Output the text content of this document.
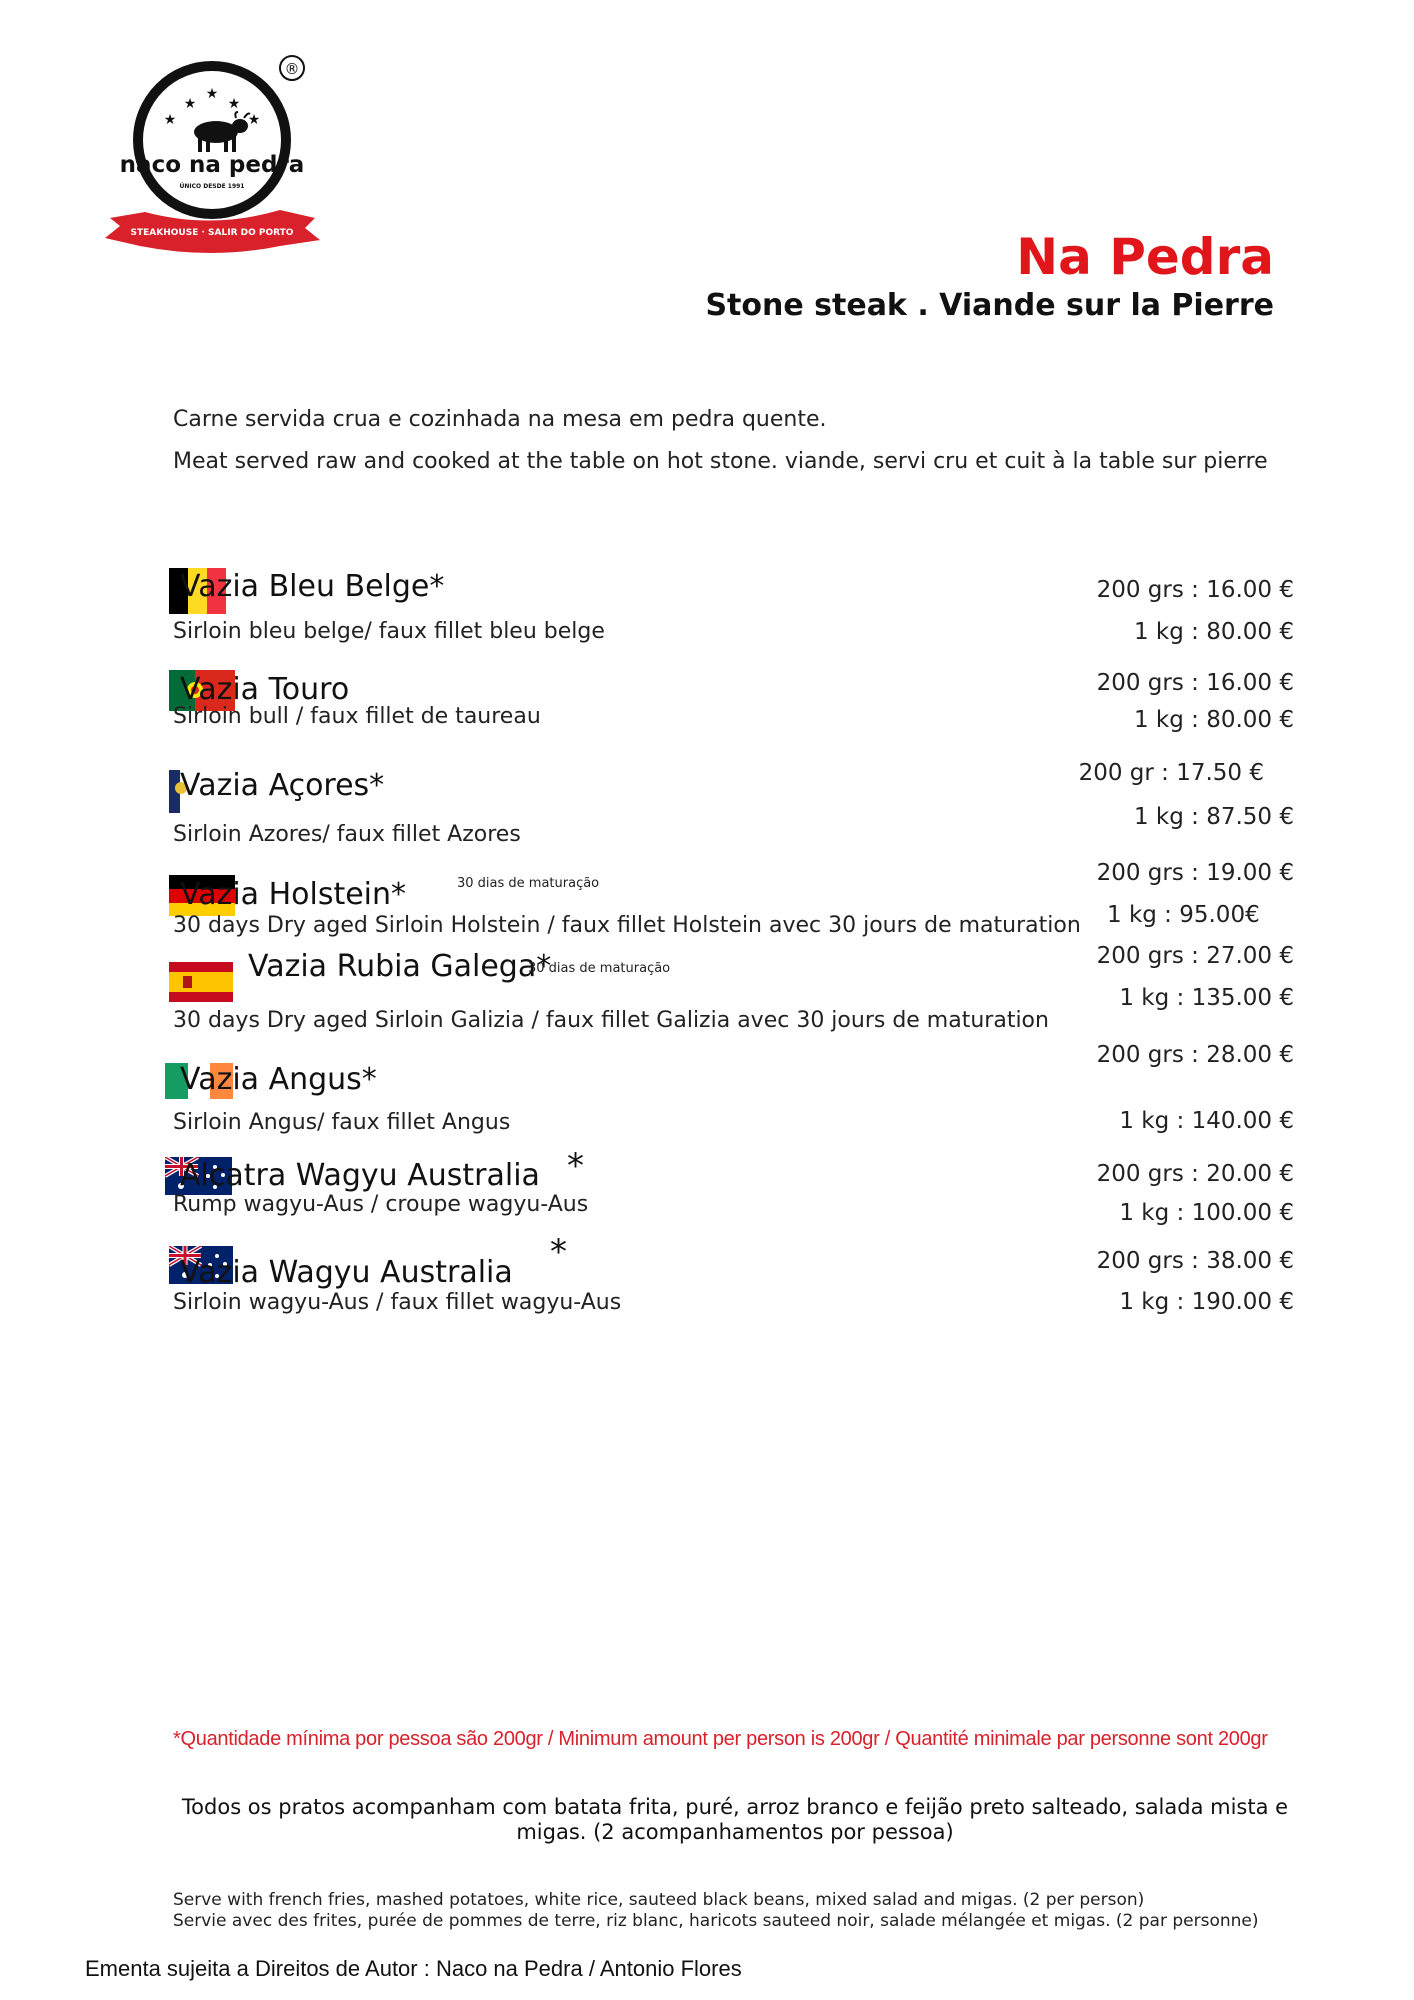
★
★ ★
★	★
naco na pedra
ÚNICO DESDE 1991
STEAKHOUSE · SALIR DO PORTO
®
Na Pedra
Stone steak . Viande sur la Pierre
Carne servida crua e cozinhada na mesa em pedra quente.
Meat served raw and cooked at the table on hot stone. viande, servi cru et cuit à la table sur pierre
Vazia Bleu Belge*
Sirloin bleu belge/ faux fillet bleu belge
200 grs : 16.00 €
1 kg : 80.00 €
Vazia Touro
Sirloin bull / faux fillet de taureau
200 grs : 16.00 €
1 kg : 80.00 €
Vazia Açores*
Sirloin Azores/ faux fillet Azores
200 gr : 17.50 €
1 kg : 87.50 €
Vazia Holstein*	30 dias de maturação
30 days Dry aged Sirloin Holstein / faux fillet Holstein avec 30 jours de maturation
200 grs : 19.00 €
1 kg : 95.00€
Vazia Rubia Galega*
30 dias de maturação
30 days Dry aged Sirloin Galizia / faux fillet Galizia avec 30 jours de maturation
200 grs : 27.00 €
1 kg : 135.00 €
Vazia Angus*
Sirloin Angus/ faux fillet Angus
200 grs : 28.00 €
1 kg : 140.00 €
Alcatra Wagyu Australia *
Rump wagyu-Aus / croupe wagyu-Aus
200 grs : 20.00 €
1 kg : 100.00 €
Vazia Wagyu Australia
*
Sirloin wagyu-Aus / faux fillet wagyu-Aus
200 grs : 38.00 €
1 kg : 190.00 €
*Quantidade mínima por pessoa são 200gr / Minimum amount per person is 200gr / Quantité minimale par personne sont 200gr
Todos os pratos acompanham com batata frita, puré, arroz branco e feijão preto salteado, salada mista e migas. (2 acompanhamentos por pessoa)
Serve with french fries, mashed potatoes, white rice, sauteed black beans, mixed salad and migas. (2 per person)
Servie avec des frites, purée de pommes de terre, riz blanc, haricots sauteed noir, salade mélangée et migas. (2 par personne)
Ementa sujeita a Direitos de Autor : Naco na Pedra / Antonio Flores
